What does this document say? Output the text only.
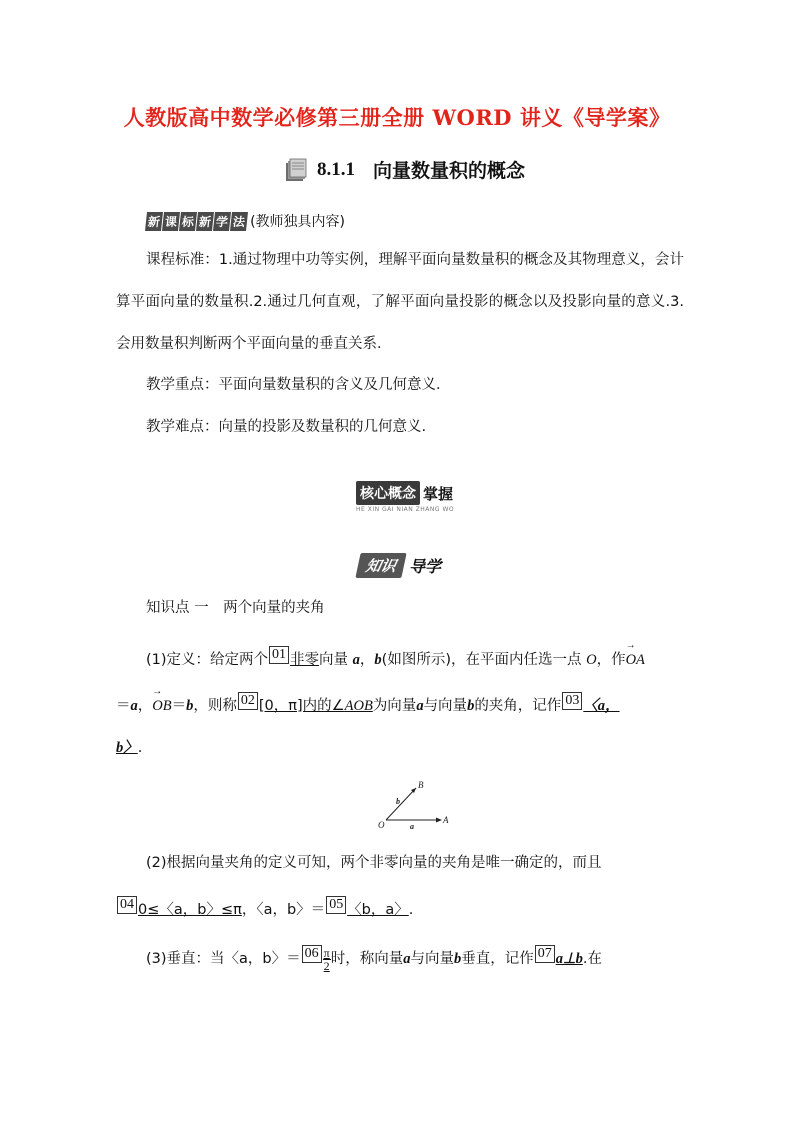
人教版高中数学必修第三册全册 WORD 讲义《导学案》
8.1.1 向量数量积的概念
新 课 标 新 学 法 (教师独具内容)
课程标准：1.通过物理中功等实例，理解平面向量数量积的概念及其物理意义，会计算平面向量的数量积.2.通过几何直观，了解平面向量投影的概念以及投影向量的意义.3.会用数量积判断两个平面向量的垂直关系．
教学重点：平面向量数量积的含义及几何意义．
教学难点：向量的投影及数量积的几何意义.
核心概念 掌握
HE XIN GAI NIAN ZHANG WO
知识 导学
知识点 一　两个向量的夹角
(1)定义：给定两个 01 非零向量 a，b(如图所示)，在平面内任选一点 O，作→ OA
＝a，→ OB＝b，则称 02 [0，π]内的∠AOB为向量a与向量b的夹角，记作 03 〈a，
b〉.
B
b
O	a
A
(2)根据向量夹角的定义可知，两个非零向量的夹角是唯一确定的，而且
04 0≤〈a，b〉≤π，〈a，b〉＝ 05 〈b，a〉.
(3)垂直：当〈a，b〉＝ $06 \frac{\pi}{2}$ 时，称向量a与向量b垂直，记作 07 a⊥b.在
